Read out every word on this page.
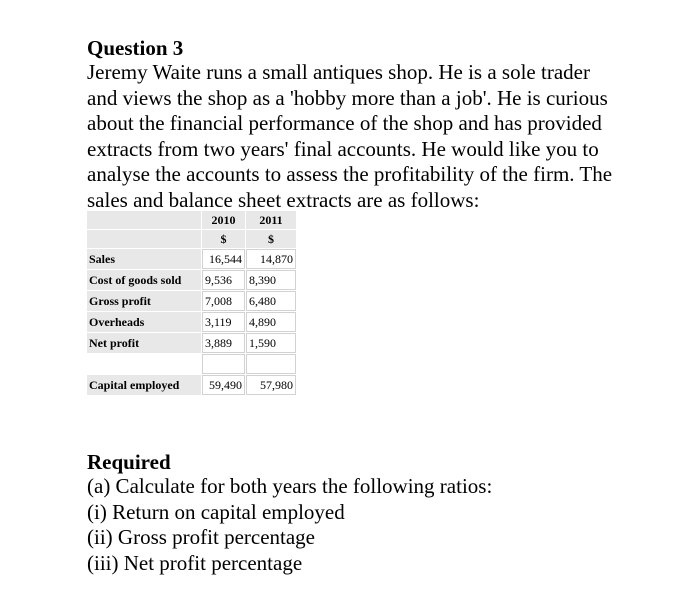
Question 3

Jeremy Waite runs a small antiques shop. He is a sole trader
and views the shop as a 'hobby more than a job'. He is curious
about the financial performance of the shop and has provided
extracts from two years' final accounts. He would like you to
analyse the accounts to assess the profitability of the firm. The
sales and balance sheet extracts are as follows:

	2010	2011
	$	$
Sales	16,544	14,870
Cost of goods sold	9,536	8,390
Gross profit	7,008	6,480
Overheads	3,119	4,890
Net profit	3,889	1,590

Capital employed	59,490	57,980
Required

(a) Calculate for both years the following ratios:
(i) Return on capital employed
(ii) Gross profit percentage
(iii) Net profit percentage
